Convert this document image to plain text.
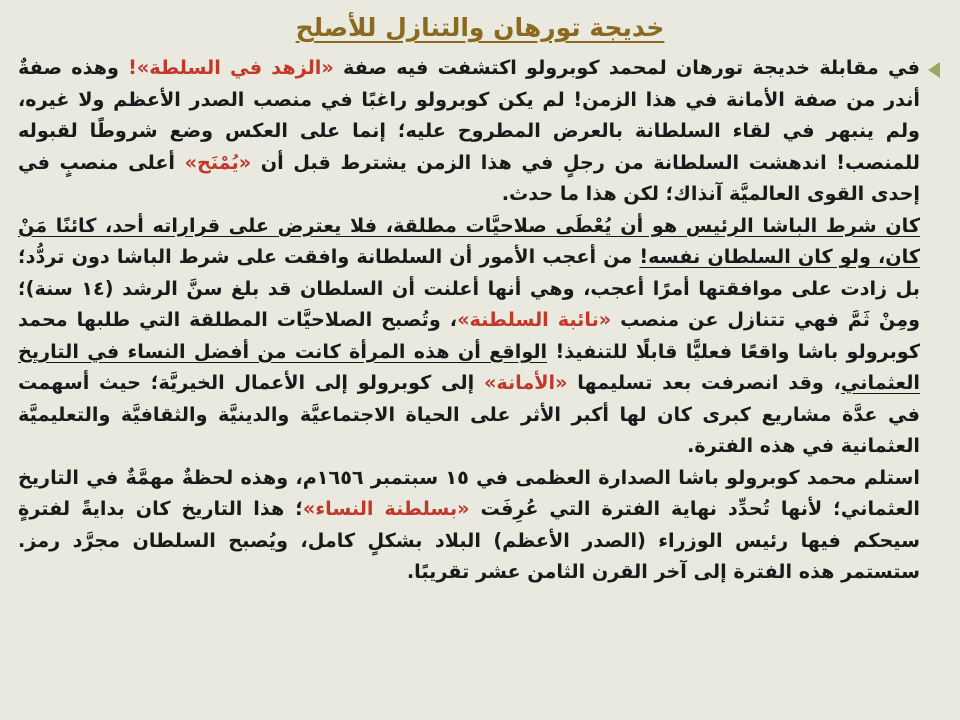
خديجة تورهان والتنازل للأصلح

في مقابلة خديجة تورهان لمحمد كوبرولو اكتشفت فيه صفة «الزهد في السلطة»! وهذه صفةٌ أندر من صفة الأمانة في هذا الزمن! لم يكن كوبرولو راغبًا في منصب الصدر الأعظم ولا غيره، ولم ينبهر في لقاء السلطانة بالعرض المطروح عليه؛ إنما على العكس وضع شروطًا لقبوله للمنصب! اندهشت السلطانة من رجلٍ في هذا الزمن يشترط قبل أن «يُمْنَح» أعلى منصبٍ في إحدى القوى العالميَّة آنذاك؛ لكن هذا ما حدث.

كان شرط الباشا الرئيس هو أن يُعْطَى صلاحيَّات مطلقة، فلا يعترض على قراراته أحد، كائنًا مَنْ كان، ولو كان السلطان نفسه! من أعجب الأمور أن السلطانة وافقت على شرط الباشا دون تردُّد؛ بل زادت على موافقتها أمرًا أعجب، وهي أنها أعلنت أن السلطان قد بلغ سنَّ الرشد (١٤ سنة)؛ ومِنْ ثَمَّ فهي تتنازل عن منصب «نائبة السلطنة»، وتُصبح الصلاحيَّات المطلقة التي طلبها محمد كوبرولو باشا واقعًا فعليًّا قابلًا للتنفيذ! الواقع أن هذه المرأة كانت من أفضل النساء في التاريخ العثماني، وقد انصرفت بعد تسليمها «الأمانة» إلى كوبرولو إلى الأعمال الخيريَّة؛ حيث أسهمت في عدَّة مشاريع كبرى كان لها أكبر الأثر على الحياة الاجتماعيَّة والدينيَّة والثقافيَّة والتعليميَّة العثمانية في هذه الفترة.

استلم محمد كوبرولو باشا الصدارة العظمى في ١٥ سبتمبر ١٦٥٦م، وهذه لحظةٌ مهمَّةٌ في التاريخ العثماني؛ لأنها تُحدِّد نهاية الفترة التي عُرِفَت «بسلطنة النساء»؛ هذا التاريخ كان بدايةً لفترةٍ سيحكم فيها رئيس الوزراء (الصدر الأعظم) البلاد بشكلٍ كامل، ويُصبح السلطان مجرَّد رمز. ستستمر هذه الفترة إلى آخر القرن الثامن عشر تقريبًا.
